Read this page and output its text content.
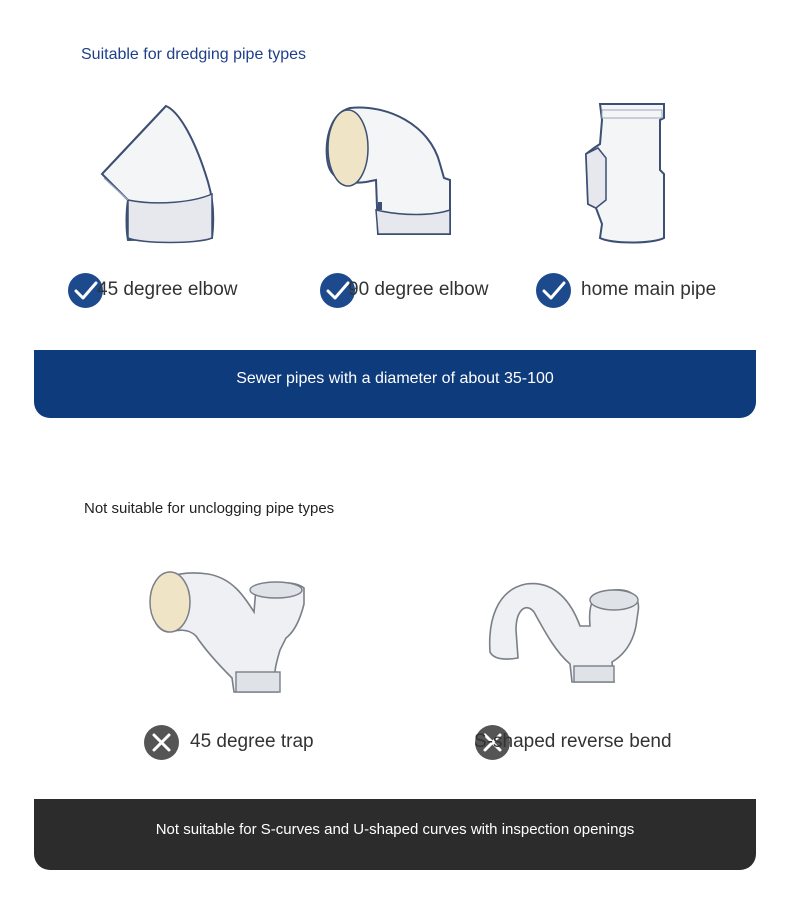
Suitable for dredging pipe types
45 degree elbow	90 degree elbow	home main pipe
Sewer pipes with a diameter of about 35-100
Not suitable for unclogging pipe types
45 degree trap	S-shaped reverse bend
Not suitable for S-curves and U-shaped curves with inspection openings
